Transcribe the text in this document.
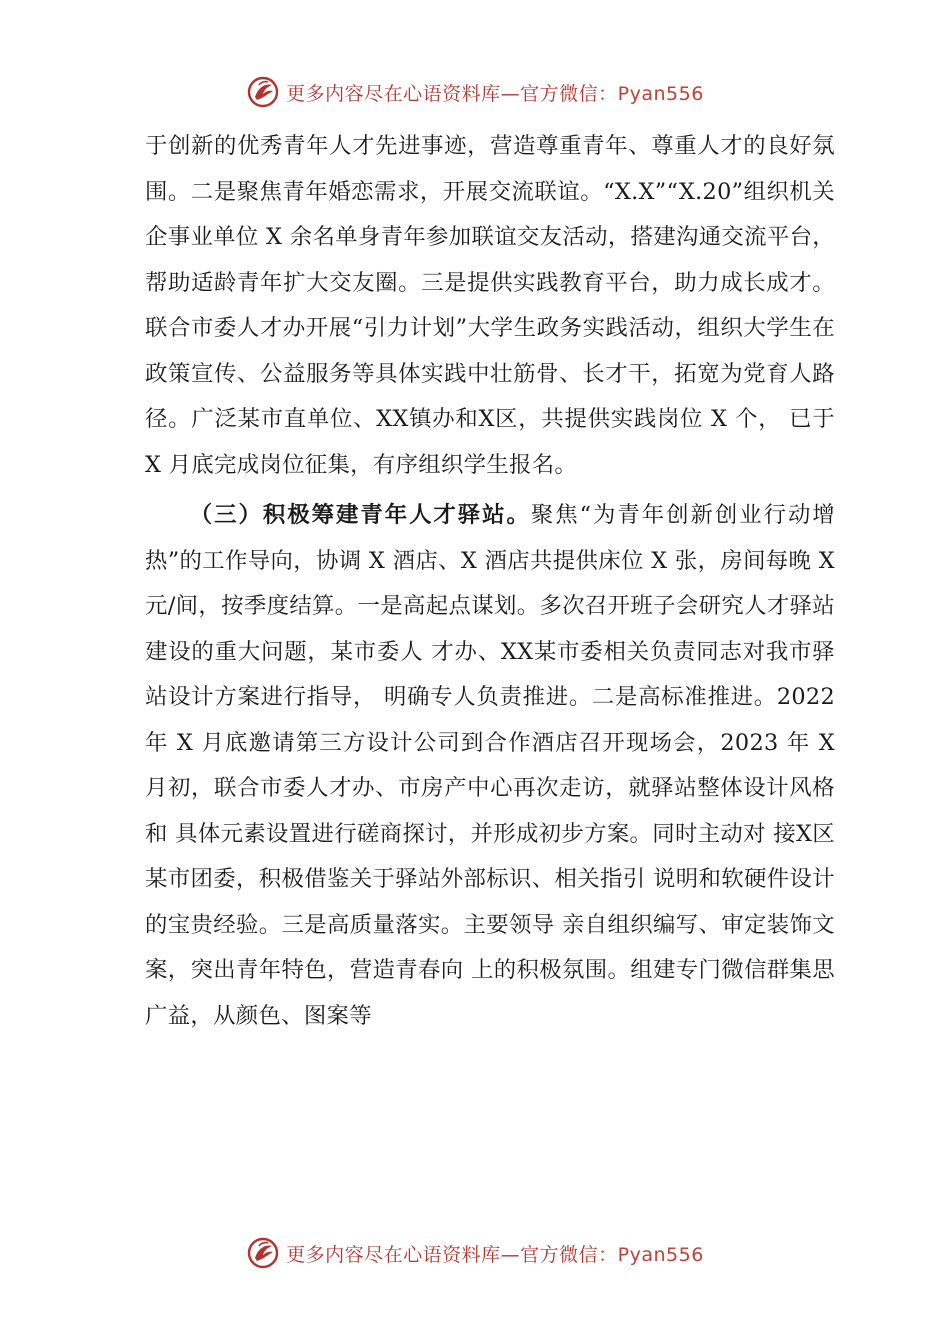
更多内容尽在心语资料库—官方微信：Pyan556

于创新的优秀青年人才先进事迹，营造尊重青年、尊重人才的良好氛围。二是聚焦青年婚恋需求，开展交流联谊。“X.X”“X.20”组织机关企事业单位 X 余名单身青年参加联谊交友活动，搭建沟通交流平台，帮助适龄青年扩大交友圈。三是提供实践教育平台，助力成长成才。联合市委人才办开展“引力计划”大学生政务实践活动，组织大学生在政策宣传、公益服务等具体实践中壮筋骨、长才干，拓宽为党育人路径。广泛某市直单位、XX镇办和X区，共提供实践岗位 X 个， 已于 X 月底完成岗位征集，有序组织学生报名。

（三）积极筹建青年人才驿站。聚焦“为青年创新创业行动增热”的工作导向，协调 X 酒店、X 酒店共提供床位 X 张，房间每晚 X 元/间，按季度结算。一是高起点谋划。多次召开班子会研究人才驿站建设的重大问题，某市委人 才办、XX某市委相关负责同志对我市驿站设计方案进行指导， 明确专人负责推进。二是高标准推进。2022 年 X 月底邀请第三方设计公司到合作酒店召开现场会，2023 年 X 月初，联合市委人才办、市房产中心再次走访，就驿站整体设计风格和 具体元素设置进行磋商探讨，并形成初步方案。同时主动对 接X区某市团委，积极借鉴关于驿站外部标识、相关指引 说明和软硬件设计的宝贵经验。三是高质量落实。主要领导 亲自组织编写、审定装饰文案，突出青年特色，营造青春向 上的积极氛围。组建专门微信群集思广益，从颜色、图案等

更多内容尽在心语资料库—官方微信：Pyan556
